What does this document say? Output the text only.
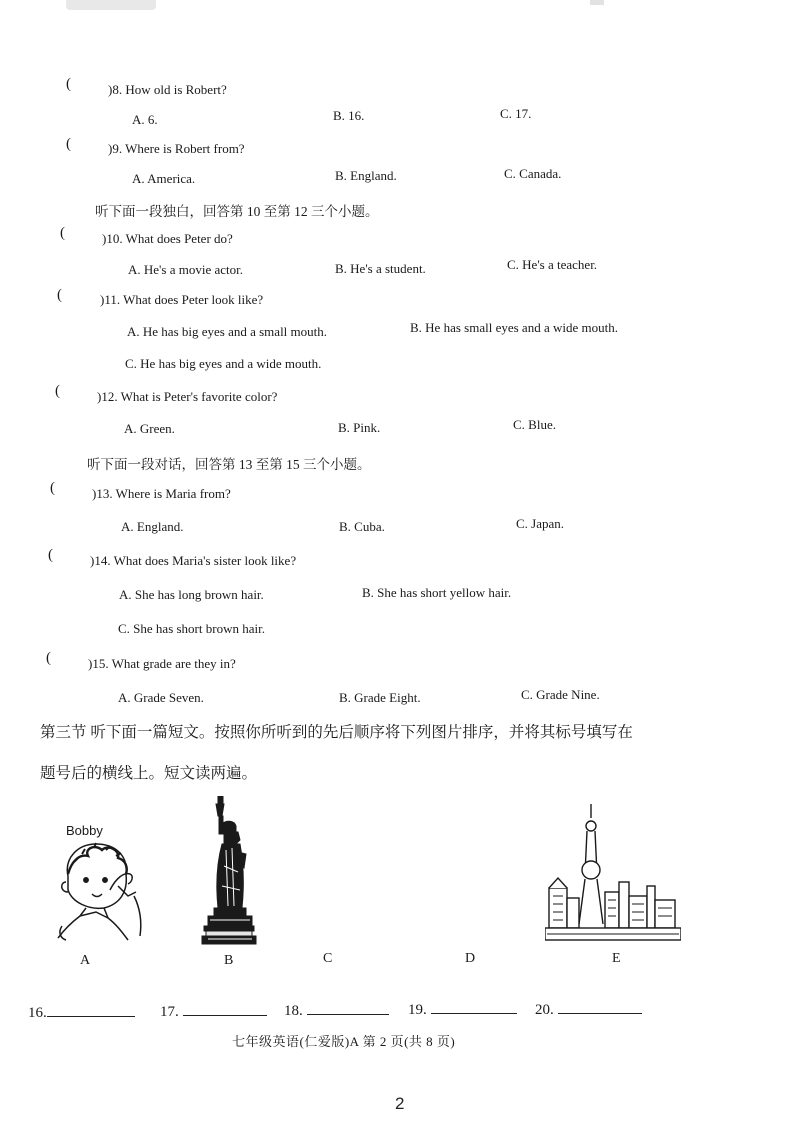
(	)8. How old is Robert?
A. 6.	B. 16.	C. 17.
(	)9. Where is Robert from?
A. America.	B. England.	C. Canada.
听下面一段独白，回答第 10 至第 12 三个小题。
(	)10. What does Peter do?
A. He's a movie actor.	B. He's a student.	C. He's a teacher.
(	)11. What does Peter look like?
A. He has big eyes and a small mouth.	B. He has small eyes and a wide mouth.
C. He has big eyes and a wide mouth.
(	)12. What is Peter's favorite color?
A. Green.	B. Pink.	C. Blue.
听下面一段对话，回答第 13 至第 15 三个小题。
(	)13. Where is Maria from?
A. England.	B. Cuba.	C. Japan.
(	)14. What does Maria's sister look like?
A. She has long brown hair.	B. She has short yellow hair.
C. She has short brown hair.
(	)15. What grade are they in?
A. Grade Seven.	B. Grade Eight.	C. Grade Nine.
第三节 听下面一篇短文。按照你所听到的先后顺序将下列图片排序，并将其标号填写在
题号后的横线上。短文读两遍。
Bobby
A	B	C	D	E
16.	17.	18.	19.	20.
七年级英语(仁爱版)A 第 2 页(共 8 页)
2
